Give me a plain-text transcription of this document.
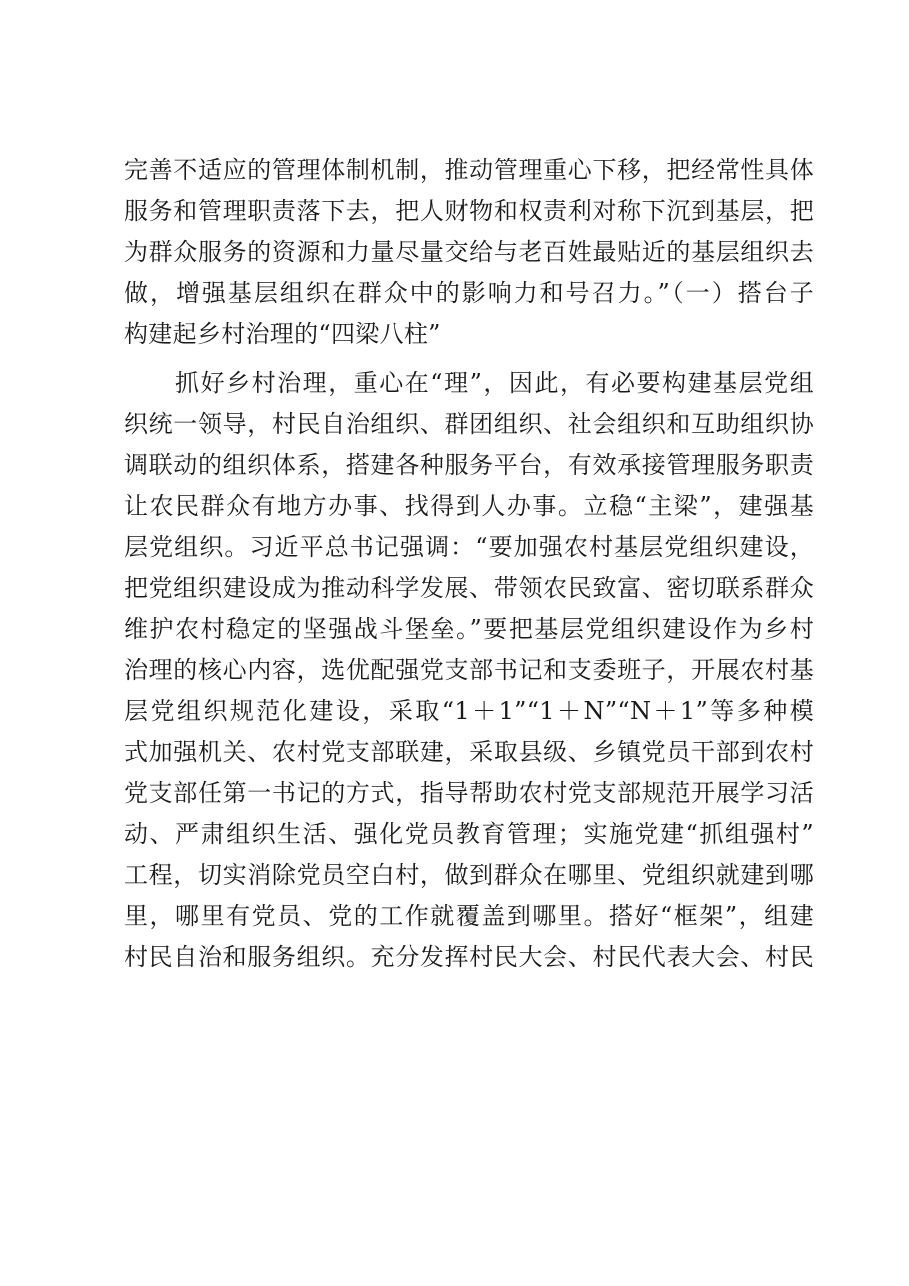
完善不适应的管理体制机制，推动管理重心下移，把经常性具体
服务和管理职责落下去，把人财物和权责利对称下沉到基层，把
为群众服务的资源和力量尽量交给与老百姓最贴近的基层组织去
做，增强基层组织在群众中的影响力和号召力。”（一）搭台子
构建起乡村治理的“四梁八柱”
　　抓好乡村治理，重心在“理”，因此，有必要构建基层党组
织统一领导，村民自治组织、群团组织、社会组织和互助组织协
调联动的组织体系，搭建各种服务平台，有效承接管理服务职责
让农民群众有地方办事、找得到人办事。立稳“主梁”，建强基
层党组织。习近平总书记强调：“要加强农村基层党组织建设，
把党组织建设成为推动科学发展、带领农民致富、密切联系群众
维护农村稳定的坚强战斗堡垒。”要把基层党组织建设作为乡村
治理的核心内容，选优配强党支部书记和支委班子，开展农村基
层党组织规范化建设，采取“1＋1”“1＋N”“N＋1”等多种模
式加强机关、农村党支部联建，采取县级、乡镇党员干部到农村
党支部任第一书记的方式，指导帮助农村党支部规范开展学习活
动、严肃组织生活、强化党员教育管理；实施党建“抓组强村”
工程，切实消除党员空白村，做到群众在哪里、党组织就建到哪
里，哪里有党员、党的工作就覆盖到哪里。搭好“框架”，组建
村民自治和服务组织。充分发挥村民大会、村民代表大会、村民
